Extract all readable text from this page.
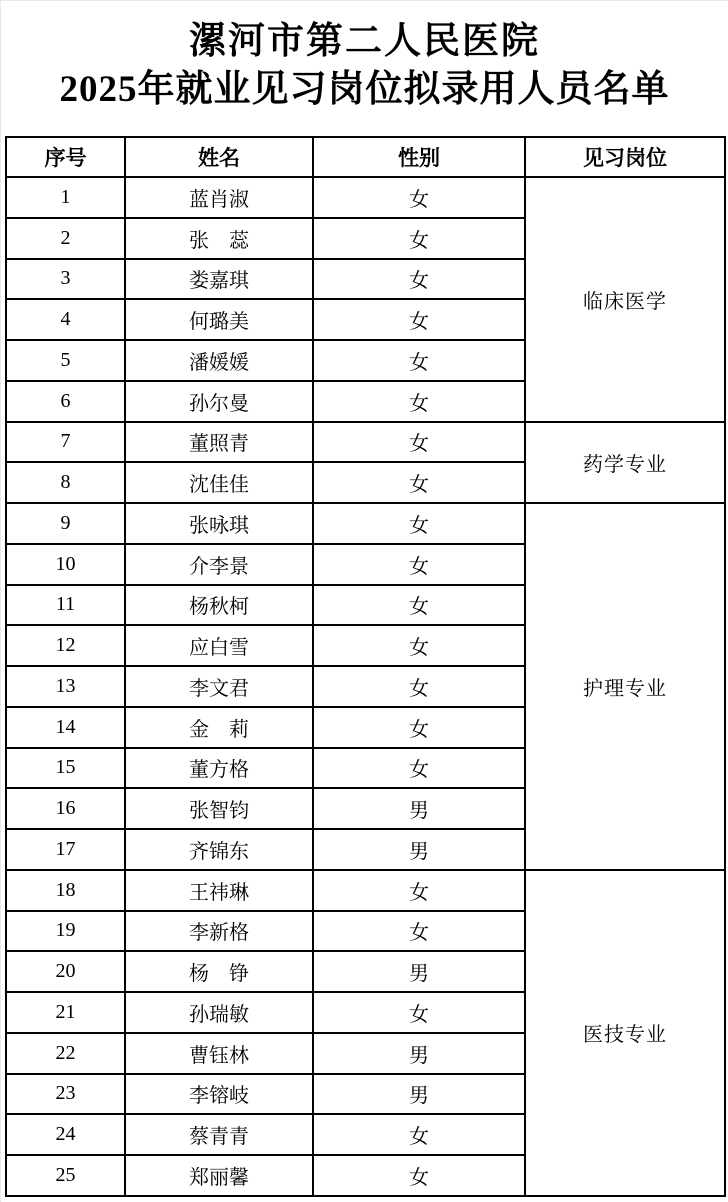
漯河市第二人民医院
2025年就业见习岗位拟录用人员名单
序号	姓名	性别	见习岗位
1	蓝肖淑	女	临床医学
2	张　蕊	女	
3	娄嘉琪	女	
4	何璐美	女	
5	潘媛媛	女	
6	孙尔曼	女	
7	董照青	女	药学专业
8	沈佳佳	女	
9	张咏琪	女	护理专业
10	介李景	女	
11	杨秋柯	女	
12	应白雪	女	
13	李文君	女	
14	金　莉	女	
15	董方格	女	
16	张智钧	男	
17	齐锦东	男	
18	王祎琳	女	医技专业
19	李新格	女	
20	杨　铮	男	
21	孙瑞敏	女	
22	曹钰林	男	
23	李镕岐	男	
24	蔡青青	女	
25	郑丽馨	女	
